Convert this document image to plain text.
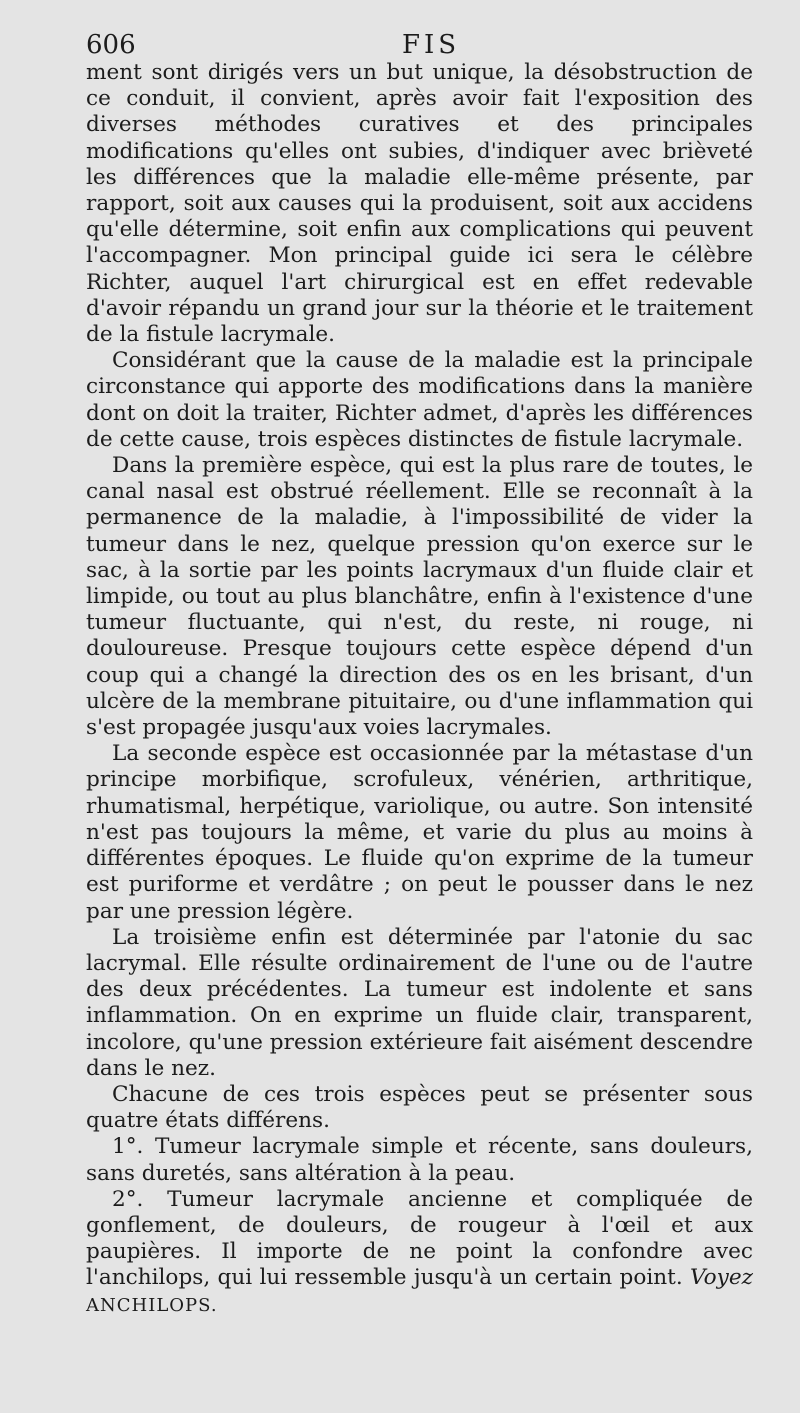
606	FIS

ment sont dirigés vers un but unique, la désobstruction de ce conduit, il convient, après avoir fait l'exposition des diverses méthodes curatives et des principales modifications qu'elles ont subies, d'indiquer avec brièveté les différences que la maladie elle-même présente, par rapport, soit aux causes qui la produisent, soit aux accidens qu'elle détermine, soit enfin aux complications qui peuvent l'accompagner. Mon principal guide ici sera le célèbre Richter, auquel l'art chirurgical est en effet redevable d'avoir répandu un grand jour sur la théorie et le traitement de la fistule lacrymale.

Considérant que la cause de la maladie est la principale circonstance qui apporte des modifications dans la manière dont on doit la traiter, Richter admet, d'après les différences de cette cause, trois espèces distinctes de fistule lacrymale.

Dans la première espèce, qui est la plus rare de toutes, le canal nasal est obstrué réellement. Elle se reconnaît à la permanence de la maladie, à l'impossibilité de vider la tumeur dans le nez, quelque pression qu'on exerce sur le sac, à la sortie par les points lacrymaux d'un fluide clair et limpide, ou tout au plus blanchâtre, enfin à l'existence d'une tumeur fluctuante, qui n'est, du reste, ni rouge, ni douloureuse. Presque toujours cette espèce dépend d'un coup qui a changé la direction des os en les brisant, d'un ulcère de la membrane pituitaire, ou d'une inflammation qui s'est propagée jusqu'aux voies lacrymales.

La seconde espèce est occasionnée par la métastase d'un principe morbifique, scrofuleux, vénérien, arthritique, rhumatismal, herpétique, variolique, ou autre. Son intensité n'est pas toujours la même, et varie du plus au moins à différentes époques. Le fluide qu'on exprime de la tumeur est puriforme et verdâtre ; on peut le pousser dans le nez par une pression légère.

La troisième enfin est déterminée par l'atonie du sac lacrymal. Elle résulte ordinairement de l'une ou de l'autre des deux précédentes. La tumeur est indolente et sans inflammation. On en exprime un fluide clair, transparent, incolore, qu'une pression extérieure fait aisément descendre dans le nez.

Chacune de ces trois espèces peut se présenter sous quatre états différens.

1°. Tumeur lacrymale simple et récente, sans douleurs, sans duretés, sans altération à la peau.

2°. Tumeur lacrymale ancienne et compliquée de gonflement, de douleurs, de rougeur à l'œil et aux paupières. Il importe de ne point la confondre avec l'anchilops, qui lui ressemble jusqu'à un certain point. Voyez ANCHILOPS.
